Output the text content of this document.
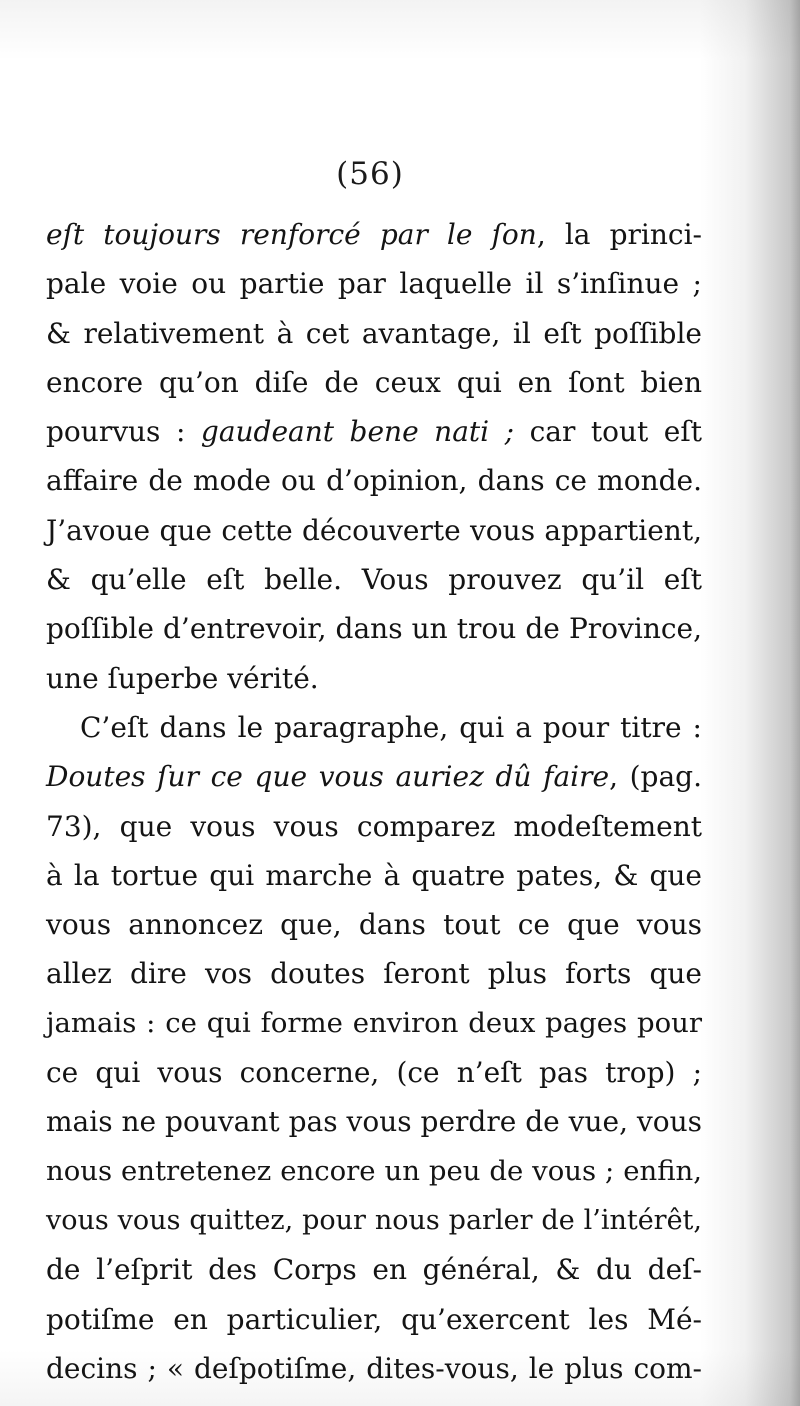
(56)
eſt toujours renforcé par le ſon, la princi-
pale voie ou partie par laquelle il s’inſinue ;
& relativement à cet avantage, il eſt poſſible
encore qu’on diſe de ceux qui en ſont bien
pourvus : gaudeant bene nati ; car tout eſt
affaire de mode ou d’opinion, dans ce monde.
J’avoue que cette découverte vous appartient,
& qu’elle eſt belle. Vous prouvez qu’il eſt
poſſible d’entrevoir, dans un trou de Province,
une ſuperbe vérité.
C’eſt dans le paragraphe, qui a pour titre :
Doutes ſur ce que vous auriez dû faire, (pag.
73), que vous vous comparez modeſtement
à la tortue qui marche à quatre pates, & que
vous annoncez que, dans tout ce que vous
allez dire vos doutes ſeront plus forts que
jamais : ce qui forme environ deux pages pour
ce qui vous concerne, (ce n’eſt pas trop) ;
mais ne pouvant pas vous perdre de vue, vous
nous entretenez encore un peu de vous ; enfin,
vous vous quittez, pour nous parler de l’intérêt,
de l’eſprit des Corps en général, & du deſ-
potiſme en particulier, qu’exercent les Mé-
decins ; « deſpotiſme, dites-vous, le plus com-
